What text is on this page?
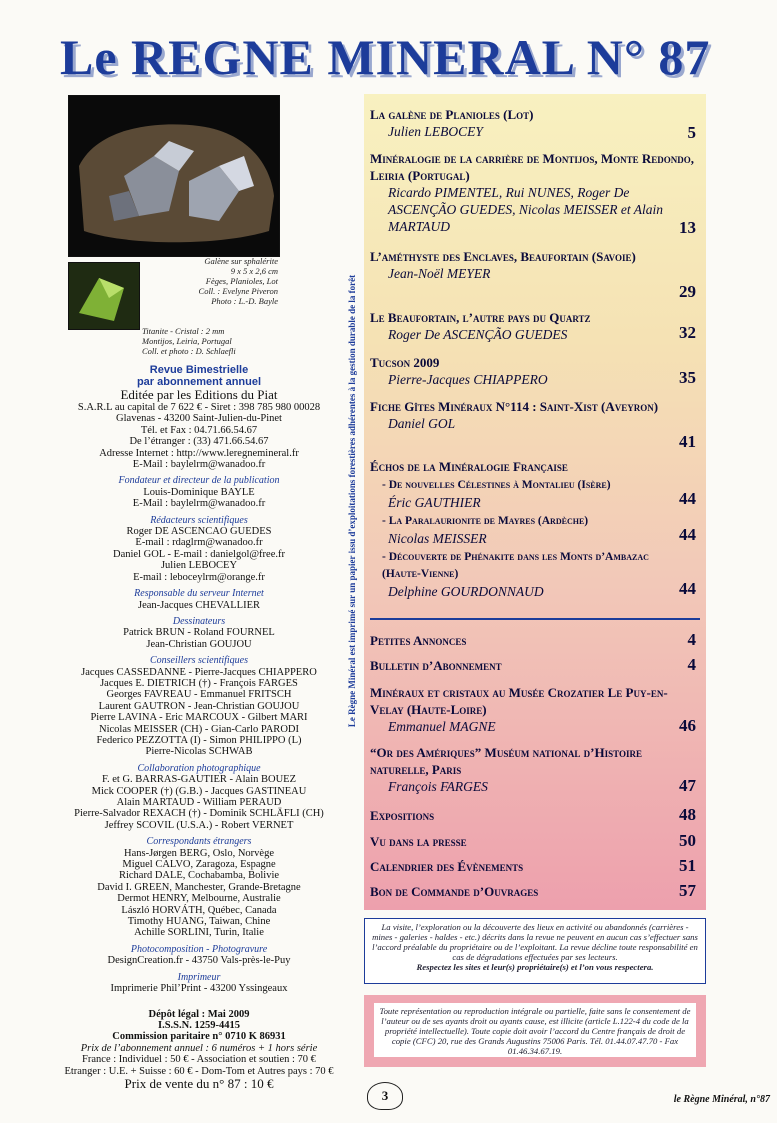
Le REGNE MINERAL N° 87
Galène sur sphalérite
9 x 5 x 2,6 cm
Fèges, Planioles, Lot
Coll. : Evelyne Piveron
Photo : L.-D. Bayle
Titanite - Cristal : 2 mm
Montijos, Leiria, Portugal
Coll. et photo : D. Schlaefli

Revue Bimestrielle

par abonnement annuel

Editée par les Editions du Piat

S.A.R.L au capital de 7 622 € - Siret : 398 785 980 00028

Glavenas - 43200 Saint-Julien-du-Pinet

Tél. et Fax : 04.71.66.54.67

De l’étranger : (33) 471.66.54.67

Adresse Internet : http://www.leregnemineral.fr

E-Mail : baylelrm@wanadoo.fr

Fondateur et directeur de la publication

Louis-Dominique BAYLE

E-Mail : baylelrm@wanadoo.fr

Rédacteurs scientifiques

Roger DE ASCENCAO GUEDES

E-mail : rdaglrm@wanadoo.fr

Daniel GOL - E-mail : danielgol@free.fr

Julien LEBOCEY

E-mail : leboceylrm@orange.fr

Responsable du serveur Internet

Jean-Jacques CHEVALLIER

Dessinateurs

Patrick BRUN - Roland FOURNEL

Jean-Christian GOUJOU

Conseillers scientifiques

Jacques CASSEDANNE - Pierre-Jacques CHIAPPERO

Jacques E. DIETRICH (†) - François FARGES

Georges FAVREAU - Emmanuel FRITSCH

Laurent GAUTRON - Jean-Christian GOUJOU

Pierre LAVINA - Eric MARCOUX - Gilbert MARI

Nicolas MEISSER (CH) - Gian-Carlo PARODI

Federico PEZZOTTA (I) - Simon PHILIPPO (L)

Pierre-Nicolas SCHWAB

Collaboration photographique

F. et G. BARRAS-GAUTIER - Alain BOUEZ

Mick COOPER (†) (G.B.) - Jacques GASTINEAU

Alain MARTAUD - William PERAUD

Pierre-Salvador REXACH (†) - Dominik SCHLÄFLI (CH)

Jeffrey SCOVIL (U.S.A.) - Robert VERNET

Correspondants étrangers

Hans-Jørgen BERG, Oslo, Norvège

Miguel CALVO, Zaragoza, Espagne

Richard DALE, Cochabamba, Bolivie

David I. GREEN, Manchester, Grande-Bretagne

Dermot HENRY, Melbourne, Australie

László HORVÁTH, Québec, Canada

Timothy HUANG, Taiwan, Chine

Achille SORLINI, Turin, Italie

Photocomposition - Photogravure

DesignCreation.fr - 43750 Vals-près-le-Puy

Imprimeur

Imprimerie Phil’Print - 43200 Yssingeaux

Dépôt légal : Mai 2009

I.S.S.N. 1259-4415

Commission paritaire n° 0710 K 86931

Prix de l’abonnement annuel : 6 numéros + 1 hors série

France : Individuel : 50 € - Association et soutien : 70 €

Etranger : U.E. + Suisse : 60 € - Dom-Tom et Autres pays : 70 €

Prix de vente du n° 87 : 10 €

Le Règne Minéral est imprimé sur un papier issu d’exploitations forestières adhérentes à la gestion durable de la forêt
La galène de Planioles (Lot)
Julien LEBOCEY	5
Minéralogie de la carrière de Montijos, Monte Redondo, Leiria (Portugal)
Ricardo PIMENTEL, Rui NUNES, Roger De ASCENÇÃO GUEDES, Nicolas MEISSER et Alain MARTAUD	13
L’améthyste des Enclaves, Beaufortain (Savoie)
Jean-Noël MEYER
29
Le Beaufortain, l’autre pays du Quartz
Roger De ASCENÇÃO GUEDES	32
Tucson 2009
Pierre-Jacques CHIAPPERO	35
Fiche Gîtes Minéraux N°114 : Saint-Xist (Aveyron)
Daniel GOL
41
Échos de la Minéralogie Française
- De nouvelles Célestines à Montalieu (Isère)
Éric GAUTHIER	44
- La Paralaurionite de Mayres (Ardèche)
Nicolas MEISSER	44
- Découverte de Phénakite dans les Monts d’Ambazac (Haute-Vienne)
Delphine GOURDONNAUD	44
Petites Annonces	4
Bulletin d’Abonnement	4
Minéraux et cristaux au Musée Crozatier Le Puy-en-Velay (Haute-Loire)
Emmanuel MAGNE	46
“Or des Amériques” Muséum national d’Histoire naturelle, Paris
François FARGES	47
Expositions	48
Vu dans la presse	50
Calendrier des Évènements	51
Bon de Commande d’Ouvrages	57
La visite, l’exploration ou la découverte des lieux en activité ou abandonnés (carrières - mines - galeries - haldes - etc.) décrits dans la revue ne peuvent en aucun cas s’effectuer sans l’accord préalable du propriétaire ou de l’exploitant. La revue décline toute responsabilité en cas de dégradations effectuées par ses lecteurs.
Respectez les sites et leur(s) propriétaire(s) et l’on vous respectera.
Toute représentation ou reproduction intégrale ou partielle, faite sans le consentement de l’auteur ou de ses ayants droit ou ayants cause, est illicite (article L.122-4 du code de la propriété intellectuelle). Toute copie doit avoir l’accord du Centre français de droit de copie (CFC) 20, rue des Grands Augustins 75006 Paris. Tél. 01.44.07.47.70 - Fax 01.46.34.67.19.
3	le Règne Minéral, n°87
